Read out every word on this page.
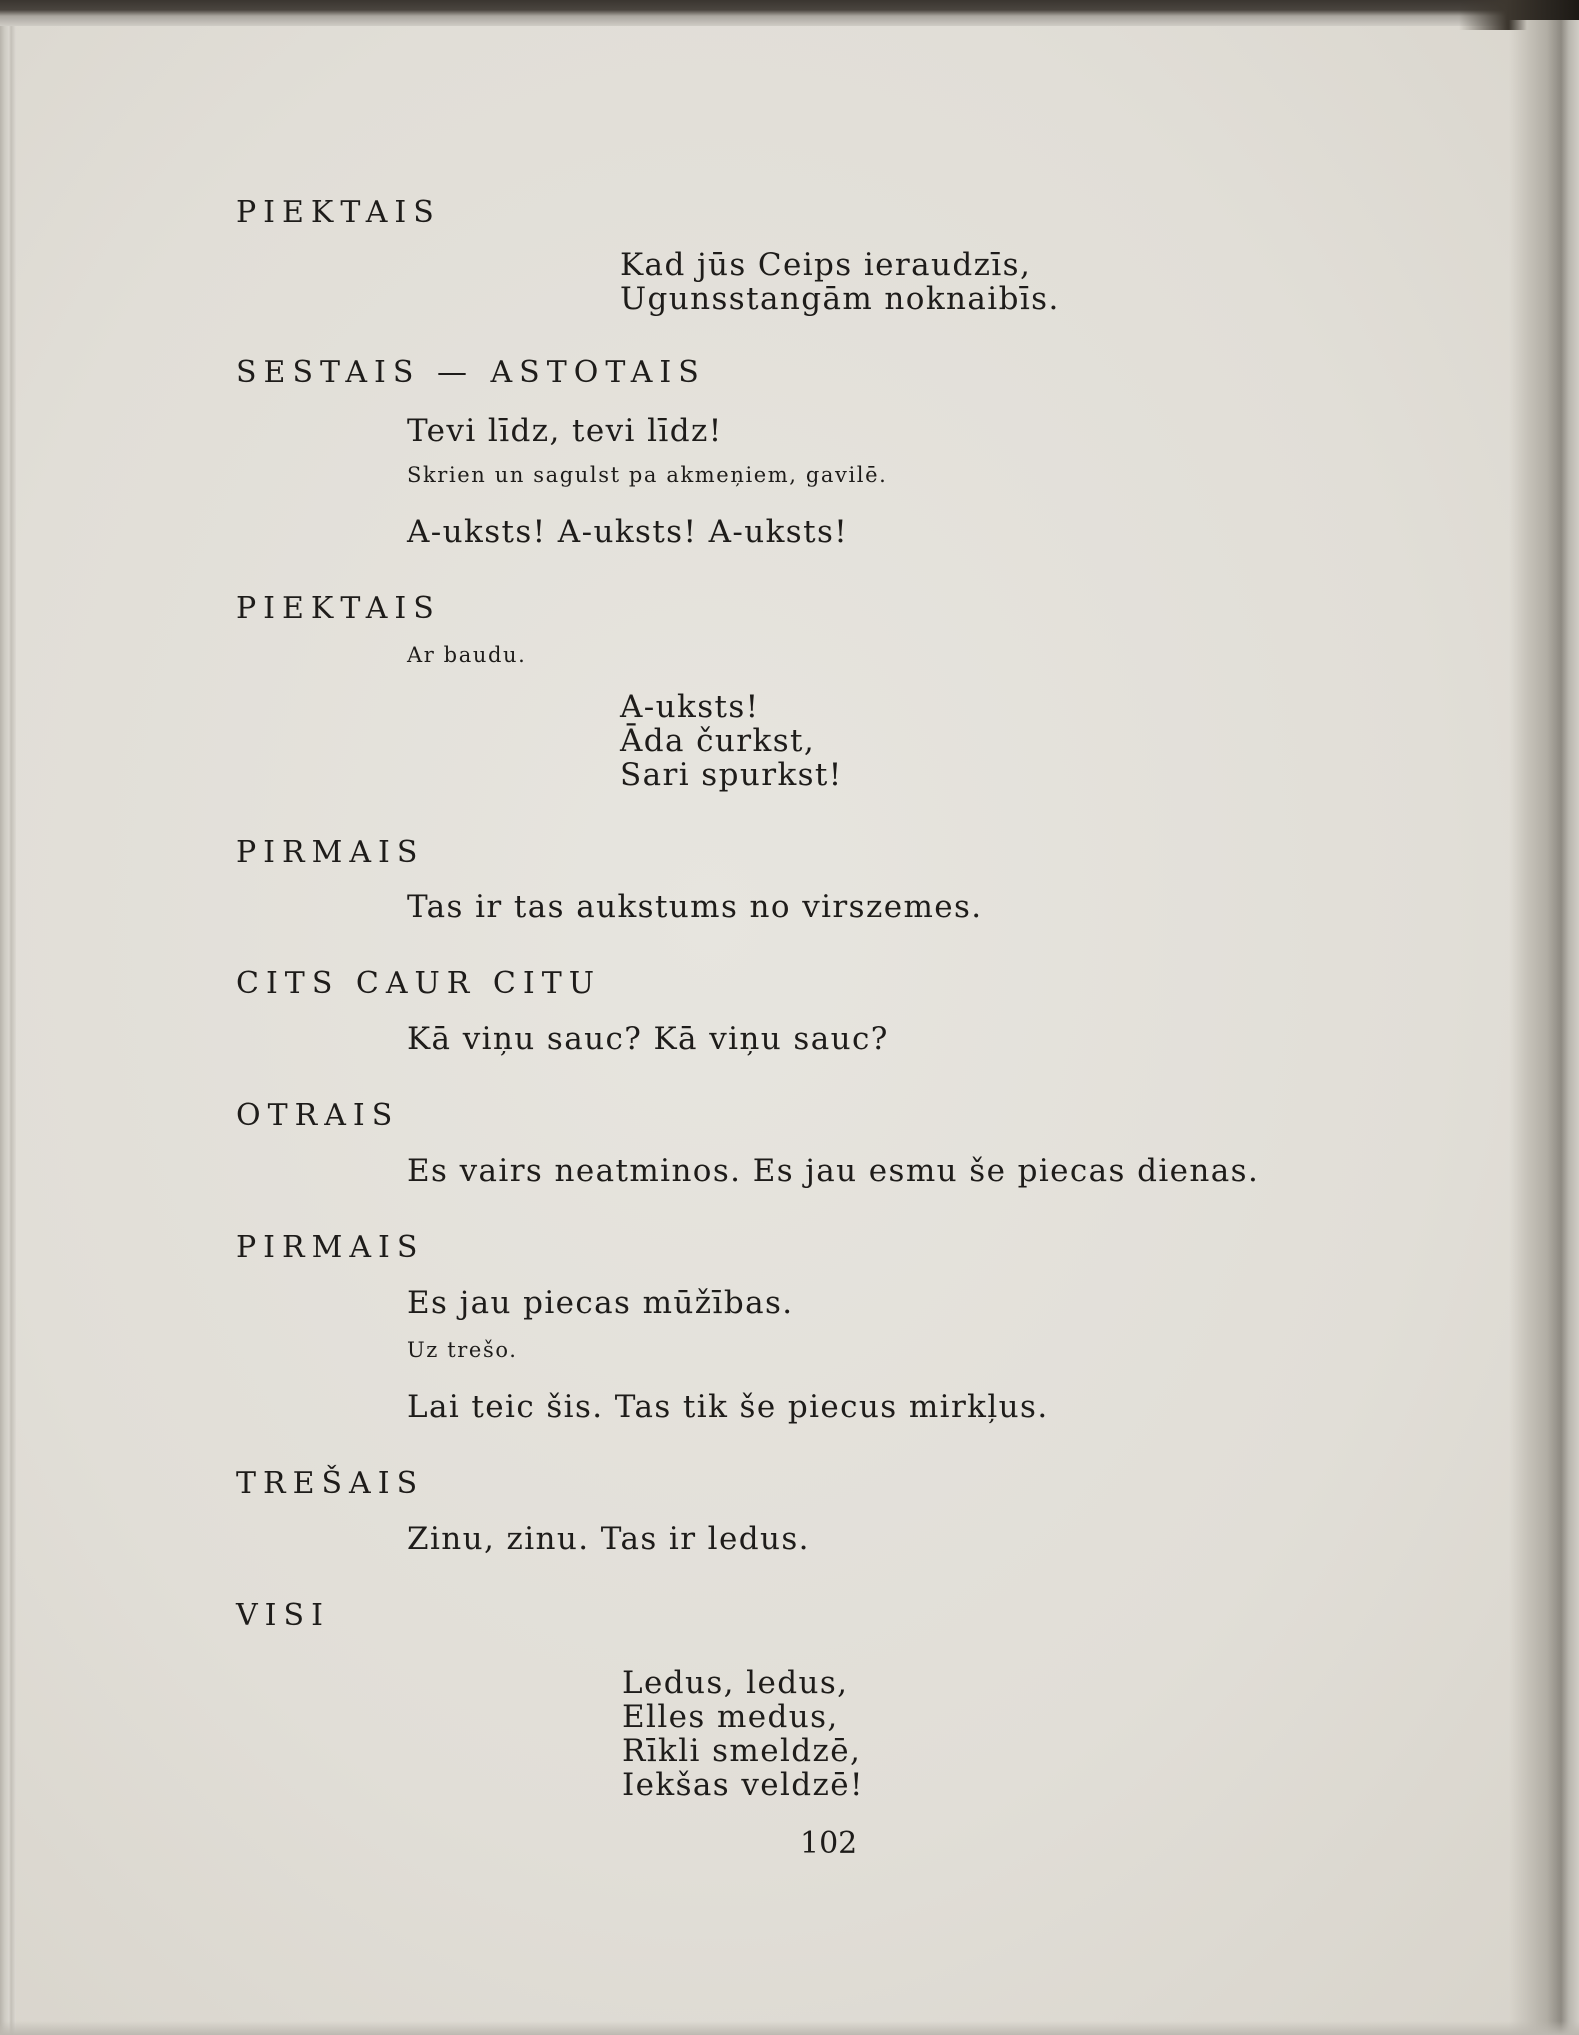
PIEKTAIS
Kad jūs Ceips ieraudzīs,
Ugunsstangām noknaibīs.
SESTAIS — ASTOTAIS
Tevi līdz, tevi līdz!
Skrien un sagulst pa akmeņiem, gavilē.
A-uksts! A-uksts! A-uksts!
PIEKTAIS
Ar baudu.
A-uksts!
Āda čurkst,
Sari spurkst!
PIRMAIS
Tas ir tas aukstums no virszemes.
CITS CAUR CITU
Kā viņu sauc? Kā viņu sauc?
OTRAIS
Es vairs neatminos. Es jau esmu še piecas dienas.
PIRMAIS
Es jau piecas mūžības.
Uz trešo.
Lai teic šis. Tas tik še piecus mirkļus.
TREŠAIS
Zinu, zinu. Tas ir ledus.
VISI
Ledus, ledus,
Elles medus,
Rīkli smeldzē,
Iekšas veldzē!
102
